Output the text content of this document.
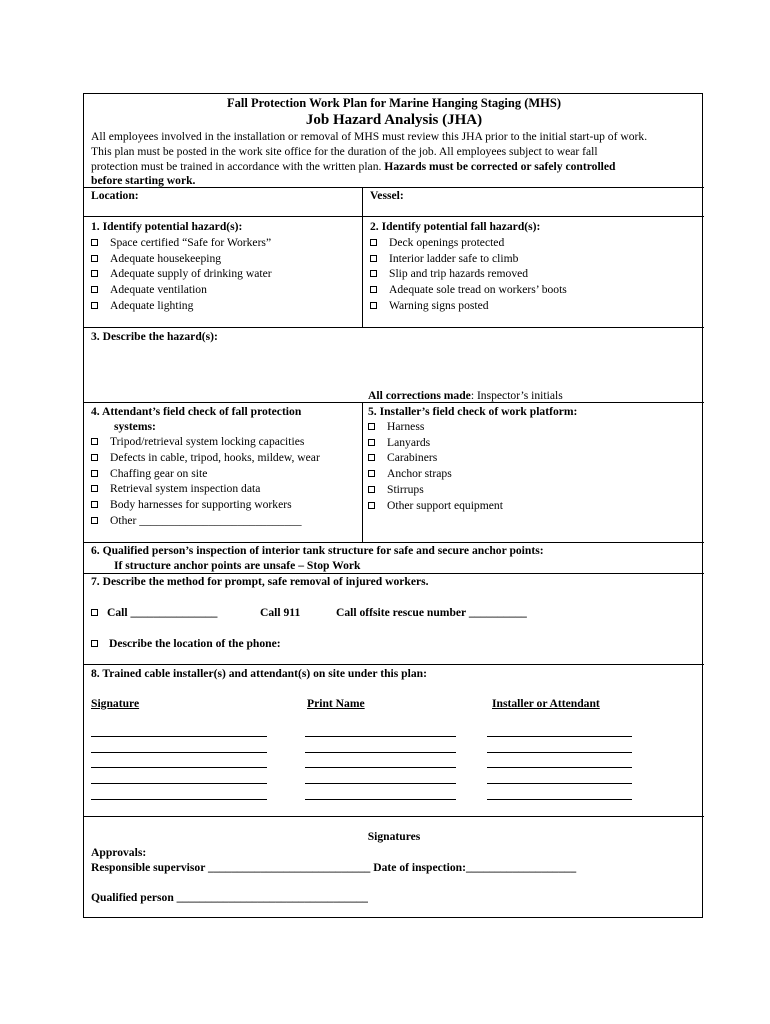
Fall Protection Work Plan for Marine Hanging Staging (MHS)
Job Hazard Analysis (JHA)
All employees involved in the installation or removal of MHS must review this JHA prior to the initial start-up of work.
This plan must be posted in the work site office for the duration of the job. All employees subject to wear fall
protection must be trained in accordance with the written plan. Hazards must be corrected or safely controlled
before starting work.
Location:	Vessel:
1. Identify potential hazard(s):
Space certified “Safe for Workers”
Adequate housekeeping
Adequate supply of drinking water
Adequate ventilation
Adequate lighting
2. Identify potential fall hazard(s):
Deck openings protected
Interior ladder safe to climb
Slip and trip hazards removed
Adequate sole tread on workers’ boots
Warning signs posted
3. Describe the hazard(s):
All corrections made: Inspector’s initials
4. Attendant’s field check of fall protection
systems:
Tripod/retrieval system locking capacities
Defects in cable, tripod, hooks, mildew, wear
Chaffing gear on site
Retrieval system inspection data
Body harnesses for supporting workers
Other ____________________________
5. Installer’s field check of work platform:
Harness
Lanyards
Carabiners
Anchor straps
Stirrups
Other support equipment
6. Qualified person’s inspection of interior tank structure for safe and secure anchor points:
If structure anchor points are unsafe – Stop Work
7. Describe the method for prompt, safe removal of injured workers.
Call _______________	Call 911	Call offsite rescue number __________
Describe the location of the phone:
8. Trained cable installer(s) and attendant(s) on site under this plan:
Signature	Print Name	Installer or Attendant
Signatures
Approvals:
Responsible supervisor ____________________________ Date of inspection:___________________
Qualified person _________________________________
